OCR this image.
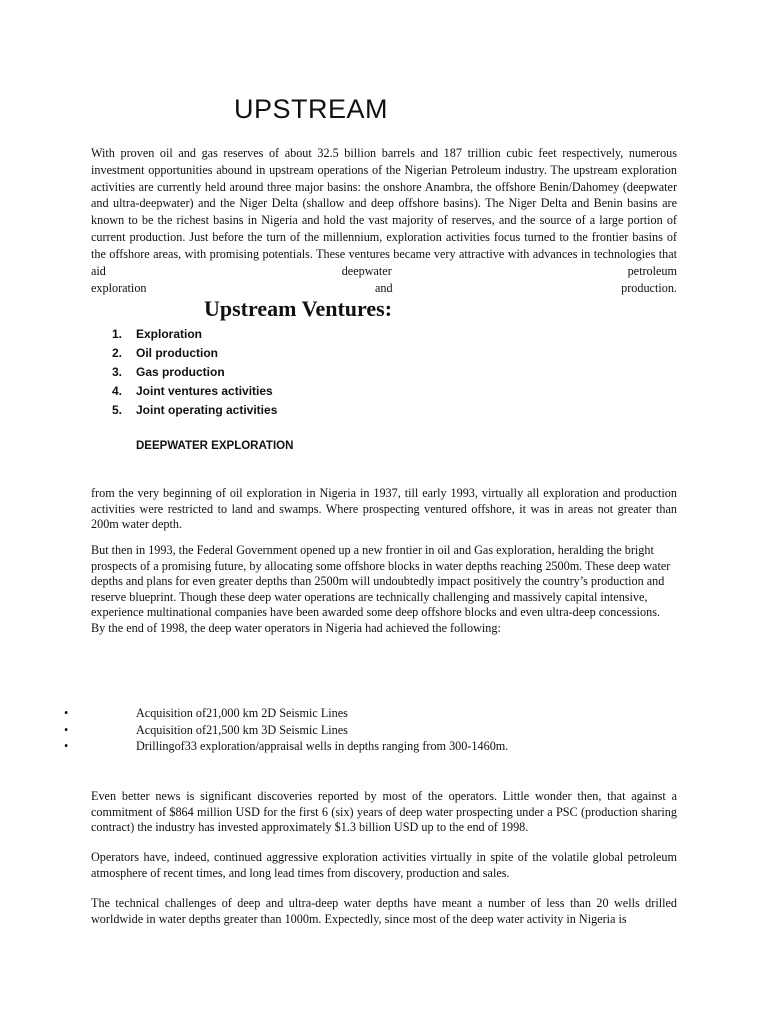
UPSTREAM

With proven oil and gas reserves of about 32.5 billion barrels and 187 trillion cubic feet respectively, numerous investment opportunities abound in upstream operations of the Nigerian Petroleum industry. The upstream exploration activities are currently held around three major basins: the onshore Anambra, the offshore Benin/Dahomey (deepwater and ultra-deepwater) and the Niger Delta (shallow and deep offshore basins). The Niger Delta and Benin basins are known to be the richest basins in Nigeria and hold the vast majority of reserves, and the source of a large portion of current production. Just before the turn of the millennium, exploration activities focus turned to the frontier basins of the offshore areas, with promising potentials. These ventures became very attractive with advances in technologies that aid deepwater petroleum

exploration	and	production.
Upstream Ventures:
1.	Exploration
2.	Oil production
3.	Gas production
4.	Joint ventures activities
5.	Joint operating activities
DEEPWATER EXPLORATION

from the very beginning of oil exploration in Nigeria in 1937, till early 1993, virtually all exploration and production activities were restricted to land and swamps. Where prospecting ventured offshore, it was in areas not greater than 200m water depth.

But then in 1993, the Federal Government opened up a new frontier in oil and Gas exploration, heralding the bright prospects of a promising future, by allocating some offshore blocks in water depths reaching 2500m. These deep water depths and plans for even greater depths than 2500m will undoubtedly impact positively the country’s production and reserve blueprint. Though these deep water operations are technically challenging and massively capital intensive, experience multinational companies have been awarded some deep offshore blocks and even ultra-deep concessions. By the end of 1998, the deep water operators in Nigeria had achieved the following:

•	Acquisition of21,000 km 2D Seismic Lines
•	Acquisition of21,500 km 3D Seismic Lines
•	Drillingof33 exploration/appraisal wells in depths ranging from 300-1460m.

Even better news is significant discoveries reported by most of the operators. Little wonder then, that against a commitment of $864 million USD for the first 6 (six) years of deep water prospecting under a PSC (production sharing contract) the industry has invested approximately $1.3 billion USD up to the end of 1998.

Operators have, indeed, continued aggressive exploration activities virtually in spite of the volatile global petroleum atmosphere of recent times, and long lead times from discovery, production and sales.

The technical challenges of deep and ultra-deep water depths have meant a number of less than 20 wells drilled worldwide in water depths greater than 1000m. Expectedly, since most of the deep water activity in Nigeria is
